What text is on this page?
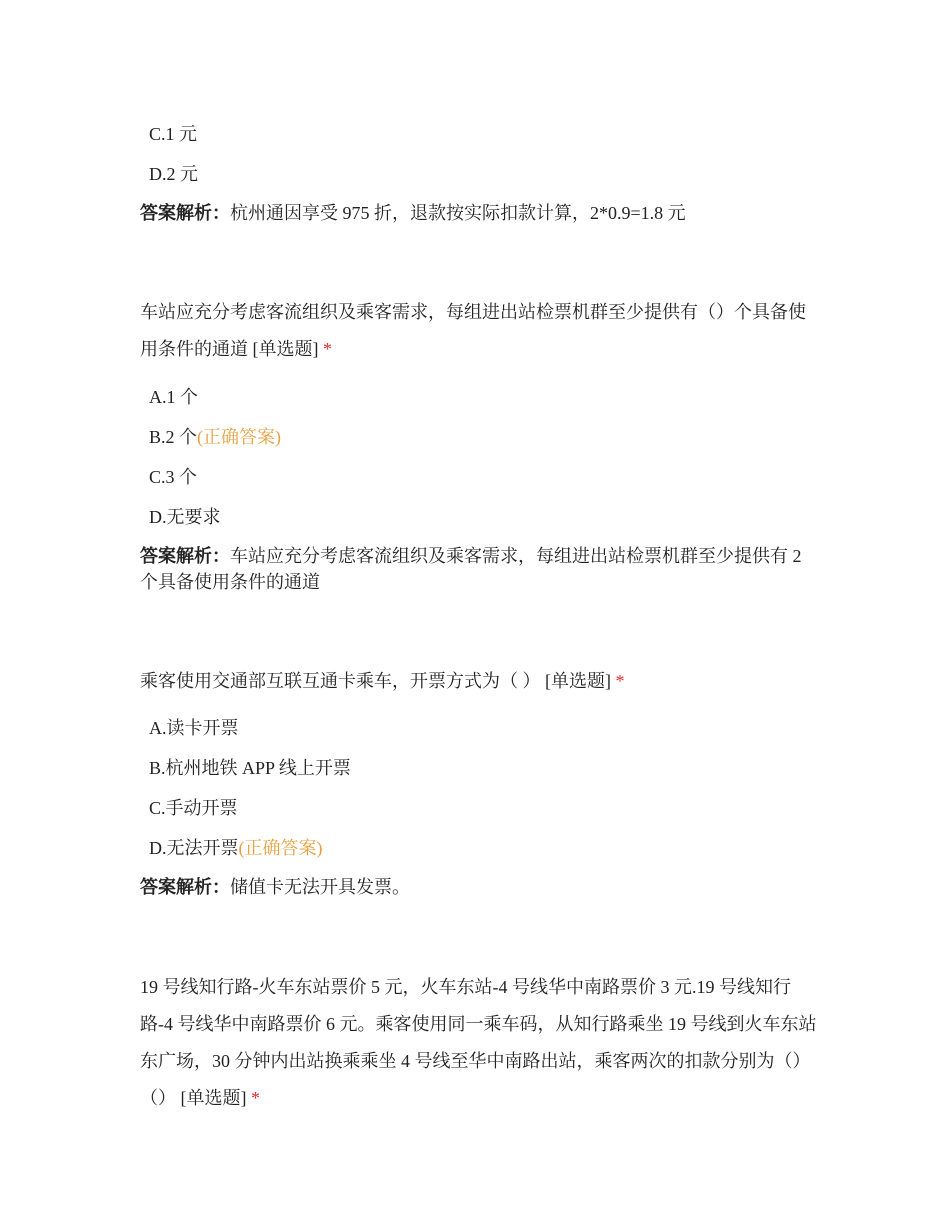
C.1 元
D.2 元
答案解析：杭州通因享受 975 折，退款按实际扣款计算，2*0.9=1.8 元
车站应充分考虑客流组织及乘客需求，每组进出站检票机群至少提供有（）个具备使用条件的通道 [单选题] *
A.1 个
B.2 个(正确答案)
C.3 个
D.无要求
答案解析：车站应充分考虑客流组织及乘客需求，每组进出站检票机群至少提供有 2 个具备使用条件的通道
乘客使用交通部互联互通卡乘车，开票方式为（ ） [单选题] *
A.读卡开票
B.杭州地铁 APP 线上开票
C.手动开票
D.无法开票(正确答案)
答案解析：储值卡无法开具发票。
19 号线知行路-火车东站票价 5 元，火车东站-4 号线华中南路票价 3 元.19 号线知行路-4 号线华中南路票价 6 元。乘客使用同一乘车码，从知行路乘坐 19 号线到火车东站东广场，30 分钟内出站换乘乘坐 4 号线至华中南路出站，乘客两次的扣款分别为（）（） [单选题] *
